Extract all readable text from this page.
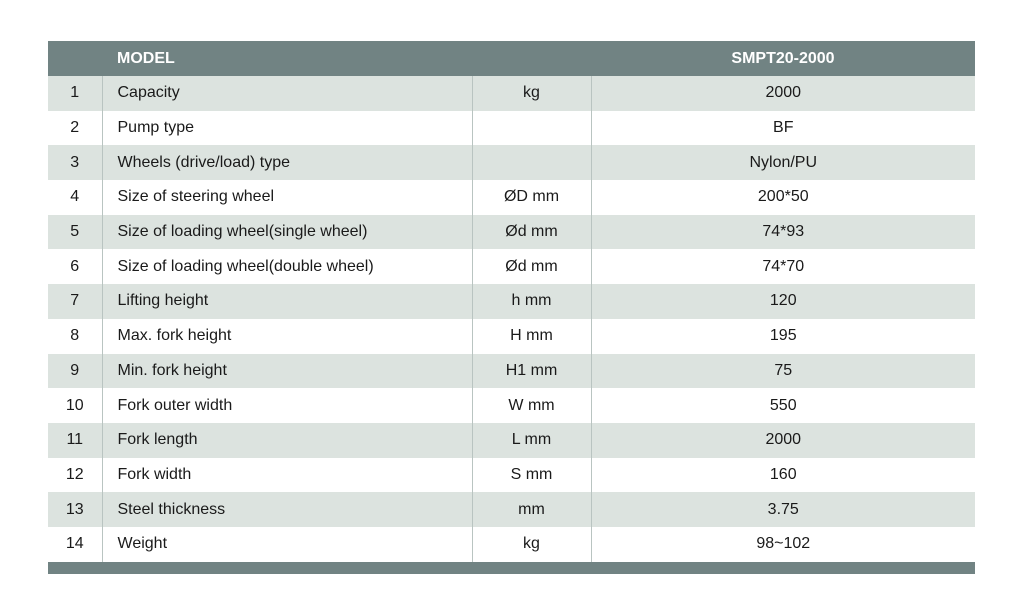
	MODEL		SMPT20-2000
1	Capacity	kg	2000
2	Pump type		BF
3	Wheels (drive/load) type		Nylon/PU
4	Size of steering wheel	ØD mm	200*50
5	Size of loading wheel(single wheel)	Ød mm	74*93
6	Size of loading wheel(double wheel)	Ød mm	74*70
7	Lifting height	h mm	120
8	Max. fork height	H mm	195
9	Min. fork height	H1 mm	75
10	Fork outer width	W mm	550
11	Fork length	L mm	2000
12	Fork width	S mm	160
13	Steel thickness	mm	3.75
14	Weight	kg	98~102
